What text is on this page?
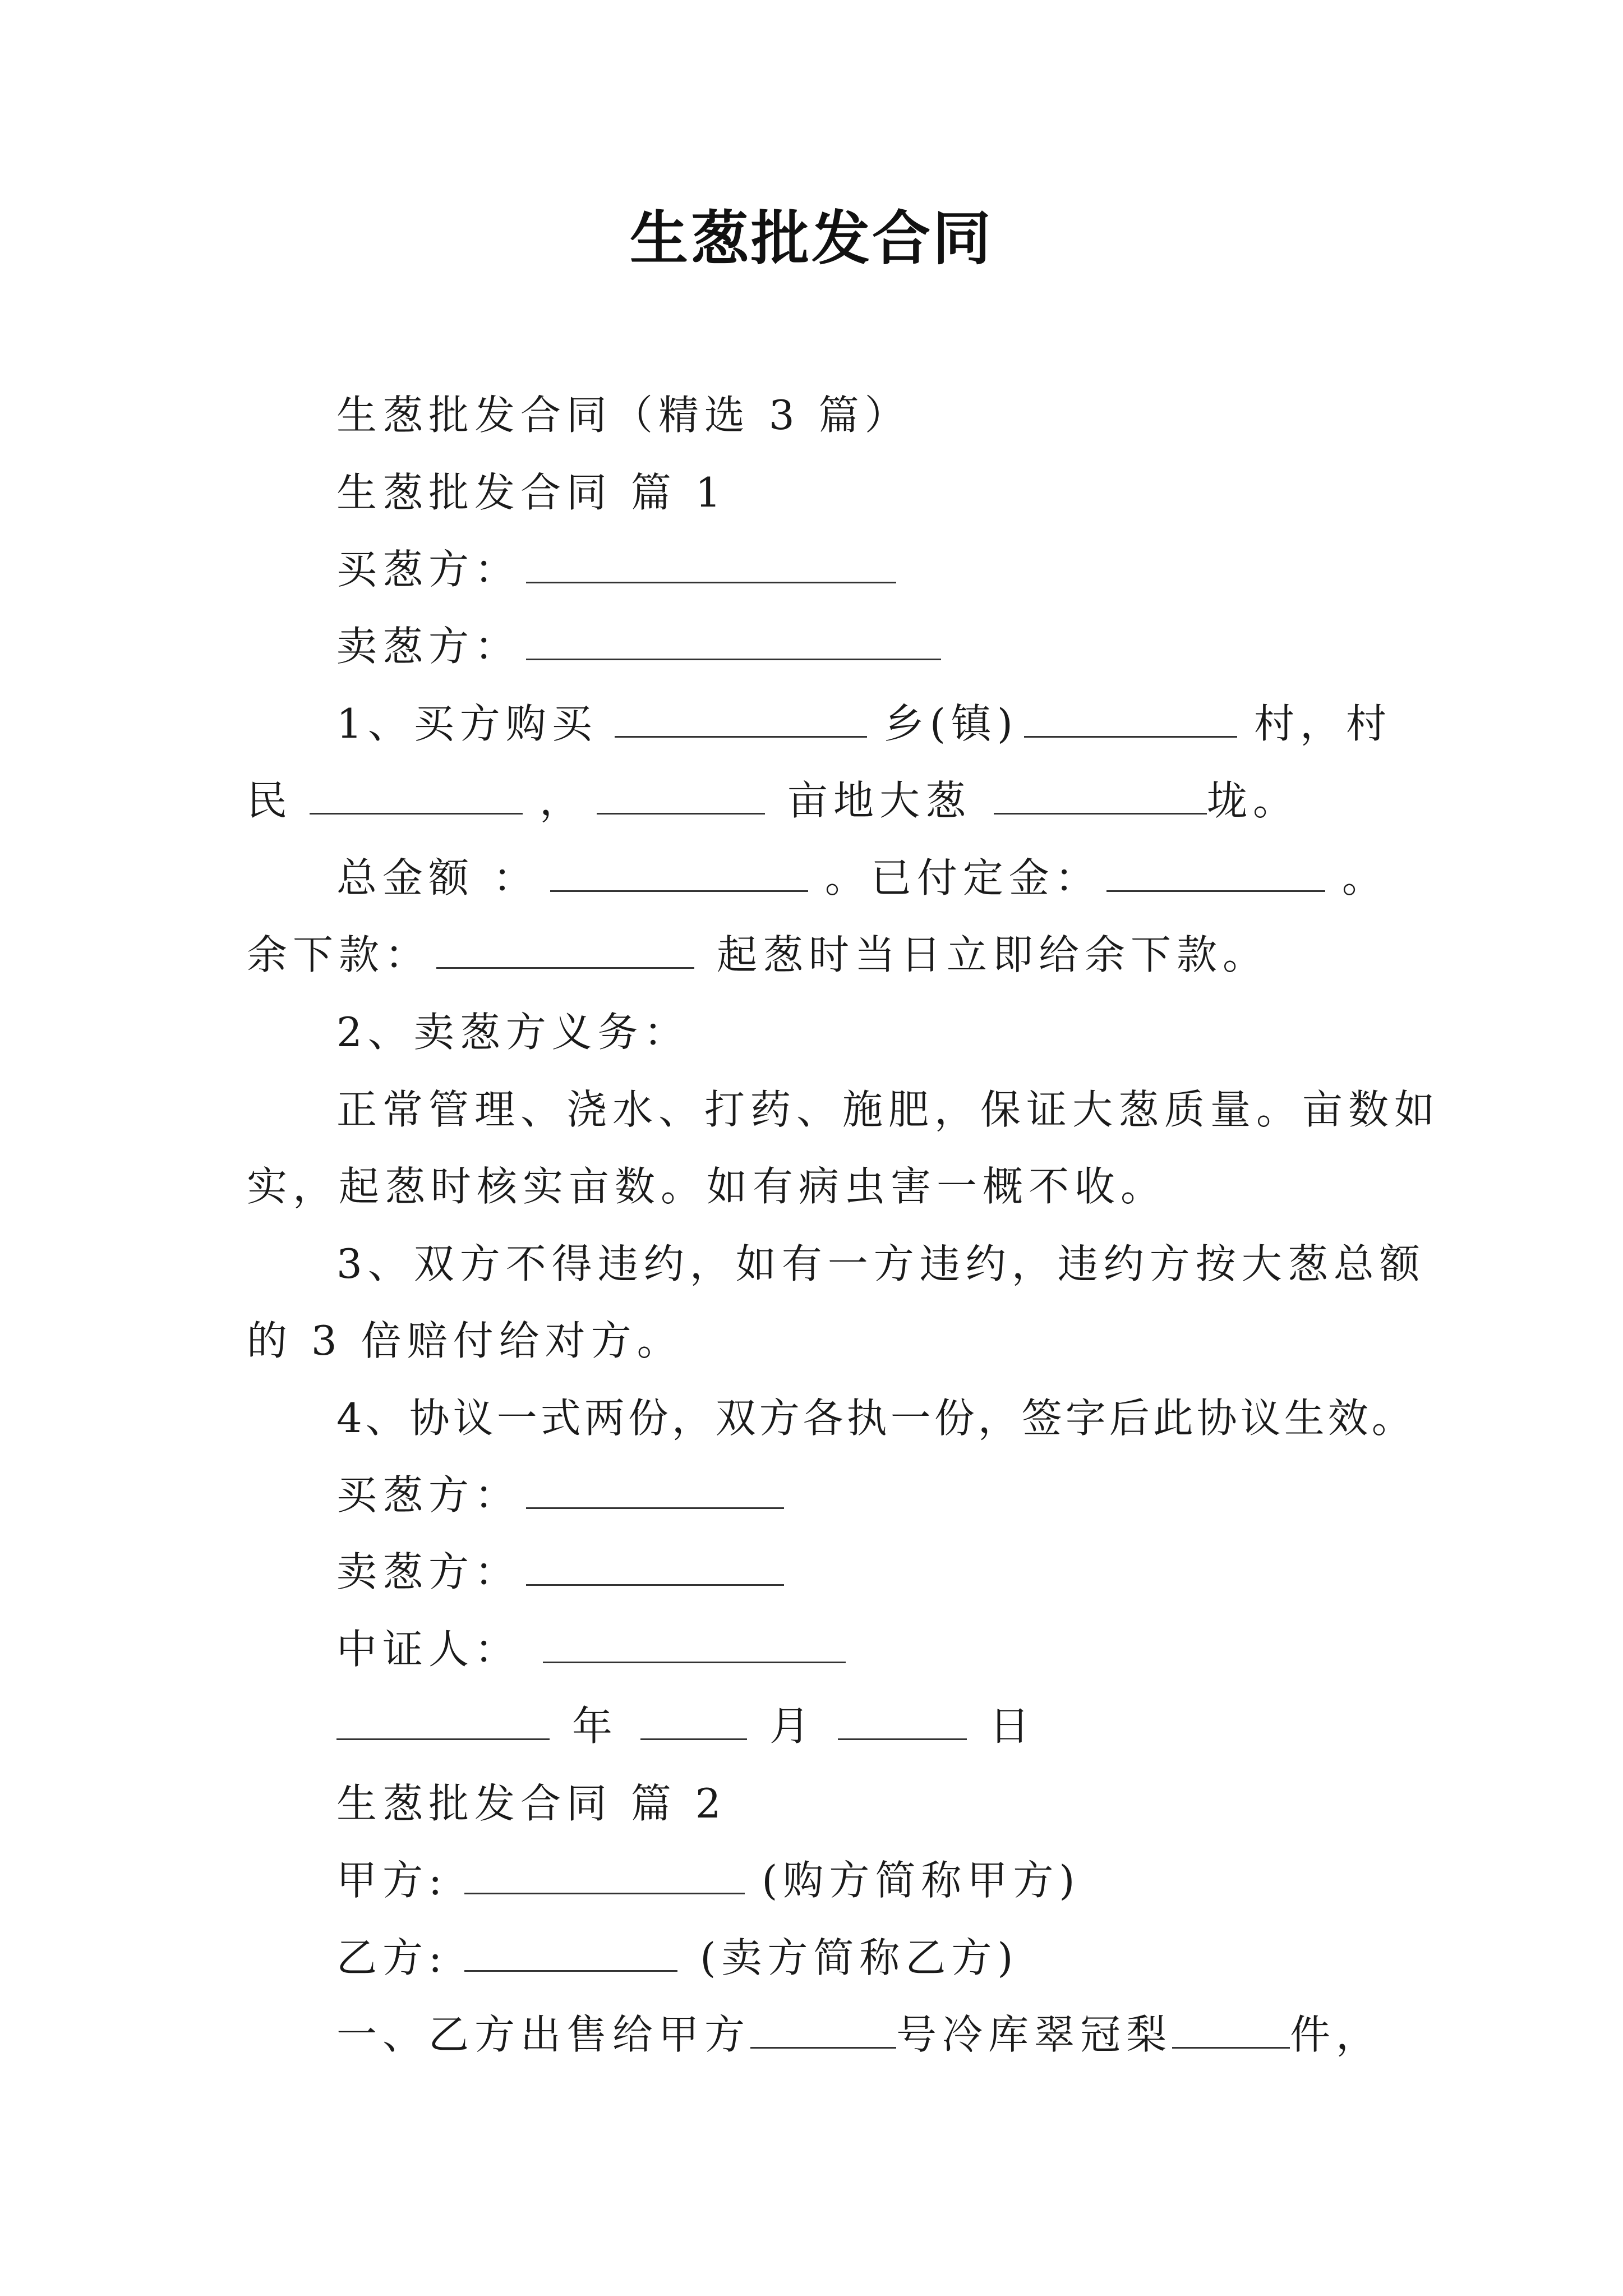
生葱批发合同
生葱批发合同（精选 3 篇）
生葱批发合同 篇 1
买葱方：
卖葱方：
1、买方购买	乡(镇)	村，村
民	，	亩地大葱	垅。
总金额 ：	。已付定金：	。
余下款：	起葱时当日立即给余下款。
2、卖葱方义务：
正常管理、浇水、打药、施肥，保证大葱质量。亩数如
实，起葱时核实亩数。如有病虫害一概不收。
3、双方不得违约，如有一方违约，违约方按大葱总额
的 3 倍赔付给对方。
4、协议一式两份，双方各执一份，签字后此协议生效。
买葱方：
卖葱方：
中证人：
年	月	日
生葱批发合同 篇 2
甲方:	(购方简称甲方)
乙方:	(卖方简称乙方)
一、乙方出售给甲方	号冷库翠冠梨	件，
